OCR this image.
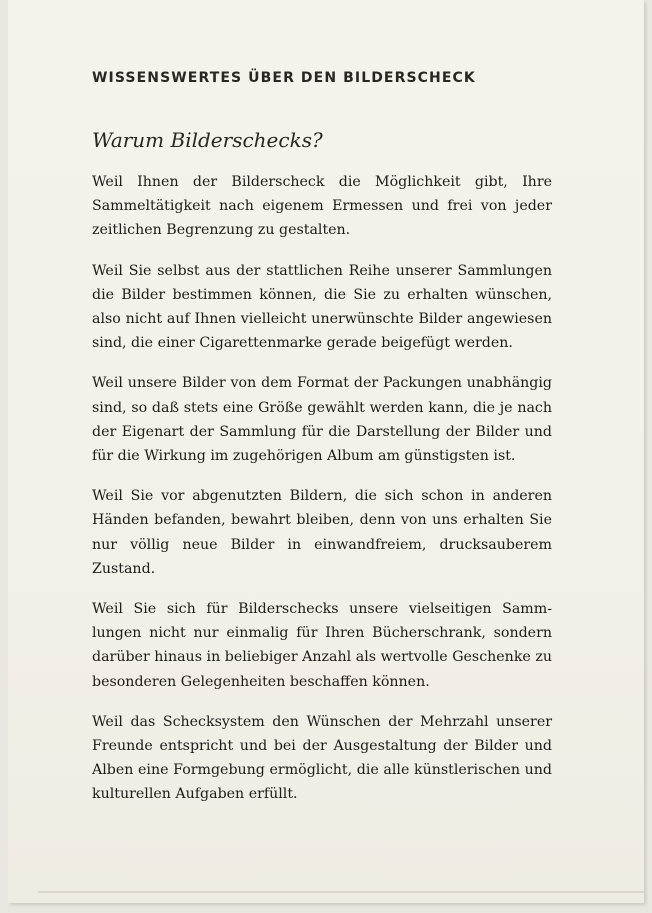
WISSENSWERTES ÜBER DEN BILDERSCHECK
Warum Bilderschecks?

Weil Ihnen der Bilderscheck die Möglichkeit gibt, Ihre Sammeltätigkeit nach eigenem Ermessen und frei von jeder zeitlichen Begrenzung zu gestalten.

Weil Sie selbst aus der stattlichen Reihe unserer Sammlungen die Bilder bestimmen können, die Sie zu erhalten wünschen, also nicht auf Ihnen vielleicht unerwünschte Bilder angewiesen sind, die einer Cigarettenmarke gerade beigefügt werden.

Weil unsere Bilder von dem Format der Packungen unabhängig sind, so daß stets eine Größe gewählt werden kann, die je nach der Eigenart der Sammlung für die Darstellung der Bilder und für die Wirkung im zugehörigen Album am günstigsten ist.

Weil Sie vor abgenutzten Bildern, die sich schon in anderen Händen befanden, bewahrt bleiben, denn von uns erhalten Sie nur völlig neue Bilder in einwandfreiem, drucksauberem Zustand.

Weil Sie sich für Bilderschecks unsere vielseitigen Sammlungen nicht nur einmalig für Ihren Bücherschrank, sondern darüber hinaus in beliebiger Anzahl als wertvolle Geschenke zu besonderen Gelegenheiten beschaffen können.

Weil das Schecksystem den Wünschen der Mehrzahl unserer Freunde entspricht und bei der Ausgestaltung der Bilder und Alben eine Formgebung ermöglicht, die alle künstlerischen und kulturellen Aufgaben erfüllt.
